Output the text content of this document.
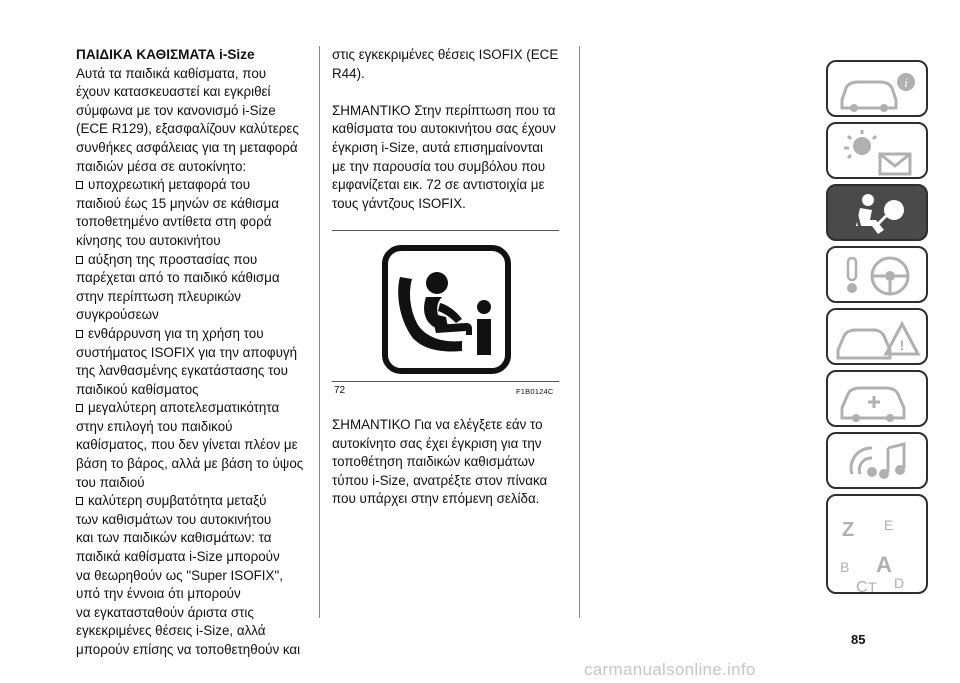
ΠΑΙΔΙΚΑ ΚΑΘΙΣΜΑΤΑ i-Size

Αυτά τα παιδικά καθίσματα, που
έχουν κατασκευαστεί και εγκριθεί
σύμφωνα με τον κανονισμό i-Size
(ECE R129), εξασφαλίζουν καλύτερες
συνθήκες ασφάλειας για τη μεταφορά
παιδιών μέσα σε αυτοκίνητο:
υποχρεωτική μεταφορά του
παιδιού έως 15 μηνών σε κάθισμα
τοποθετημένο αντίθετα στη φορά
κίνησης του αυτοκινήτου
αύξηση της προστασίας που
παρέχεται από το παιδικό κάθισμα
στην περίπτωση πλευρικών
συγκρούσεων
ενθάρρυνση για τη χρήση του
συστήματος ISOFIX για την αποφυγή
της λανθασμένης εγκατάστασης του
παιδικού καθίσματος
μεγαλύτερη αποτελεσματικότητα
στην επιλογή του παιδικού
καθίσματος, που δεν γίνεται πλέον με
βάση το βάρος, αλλά με βάση το ύψος
του παιδιού
καλύτερη συμβατότητα μεταξύ
των καθισμάτων του αυτοκινήτου
και των παιδικών καθισμάτων: τα
παιδικά καθίσματα i-Size μπορούν
να θεωρηθούν ως "Super ISOFIX",
υπό την έννοια ότι μπορούν
να εγκατασταθούν άριστα στις
εγκεκριμένες θέσεις i-Size, αλλά
μπορούν επίσης να τοποθετηθούν και
στις εγκεκριμένες θέσεις ISOFIX (ECE
R44).
ΣΗΜΑΝΤΙΚΟ Στην περίπτωση που τα
καθίσματα του αυτοκινήτου σας έχουν
έγκριση i-Size, αυτά επισημαίνονται
με την παρουσία του συμβόλου που
εμφανίζεται εικ. 72 σε αντιστοιχία με
τους γάντζους ISOFIX.
72	F1B0124C
ΣΗΜΑΝΤΙΚΟ Για να ελέγξετε εάν το
αυτοκίνητο σας έχει έγκριση για την
τοποθέτηση παιδικών καθισμάτων
τύπου i-Size, ανατρέξτε στον πίνακα
που υπάρχει στην επόμενη σελίδα.
i
!
Z E
B A
C T D
85
carmanualsonline.info
